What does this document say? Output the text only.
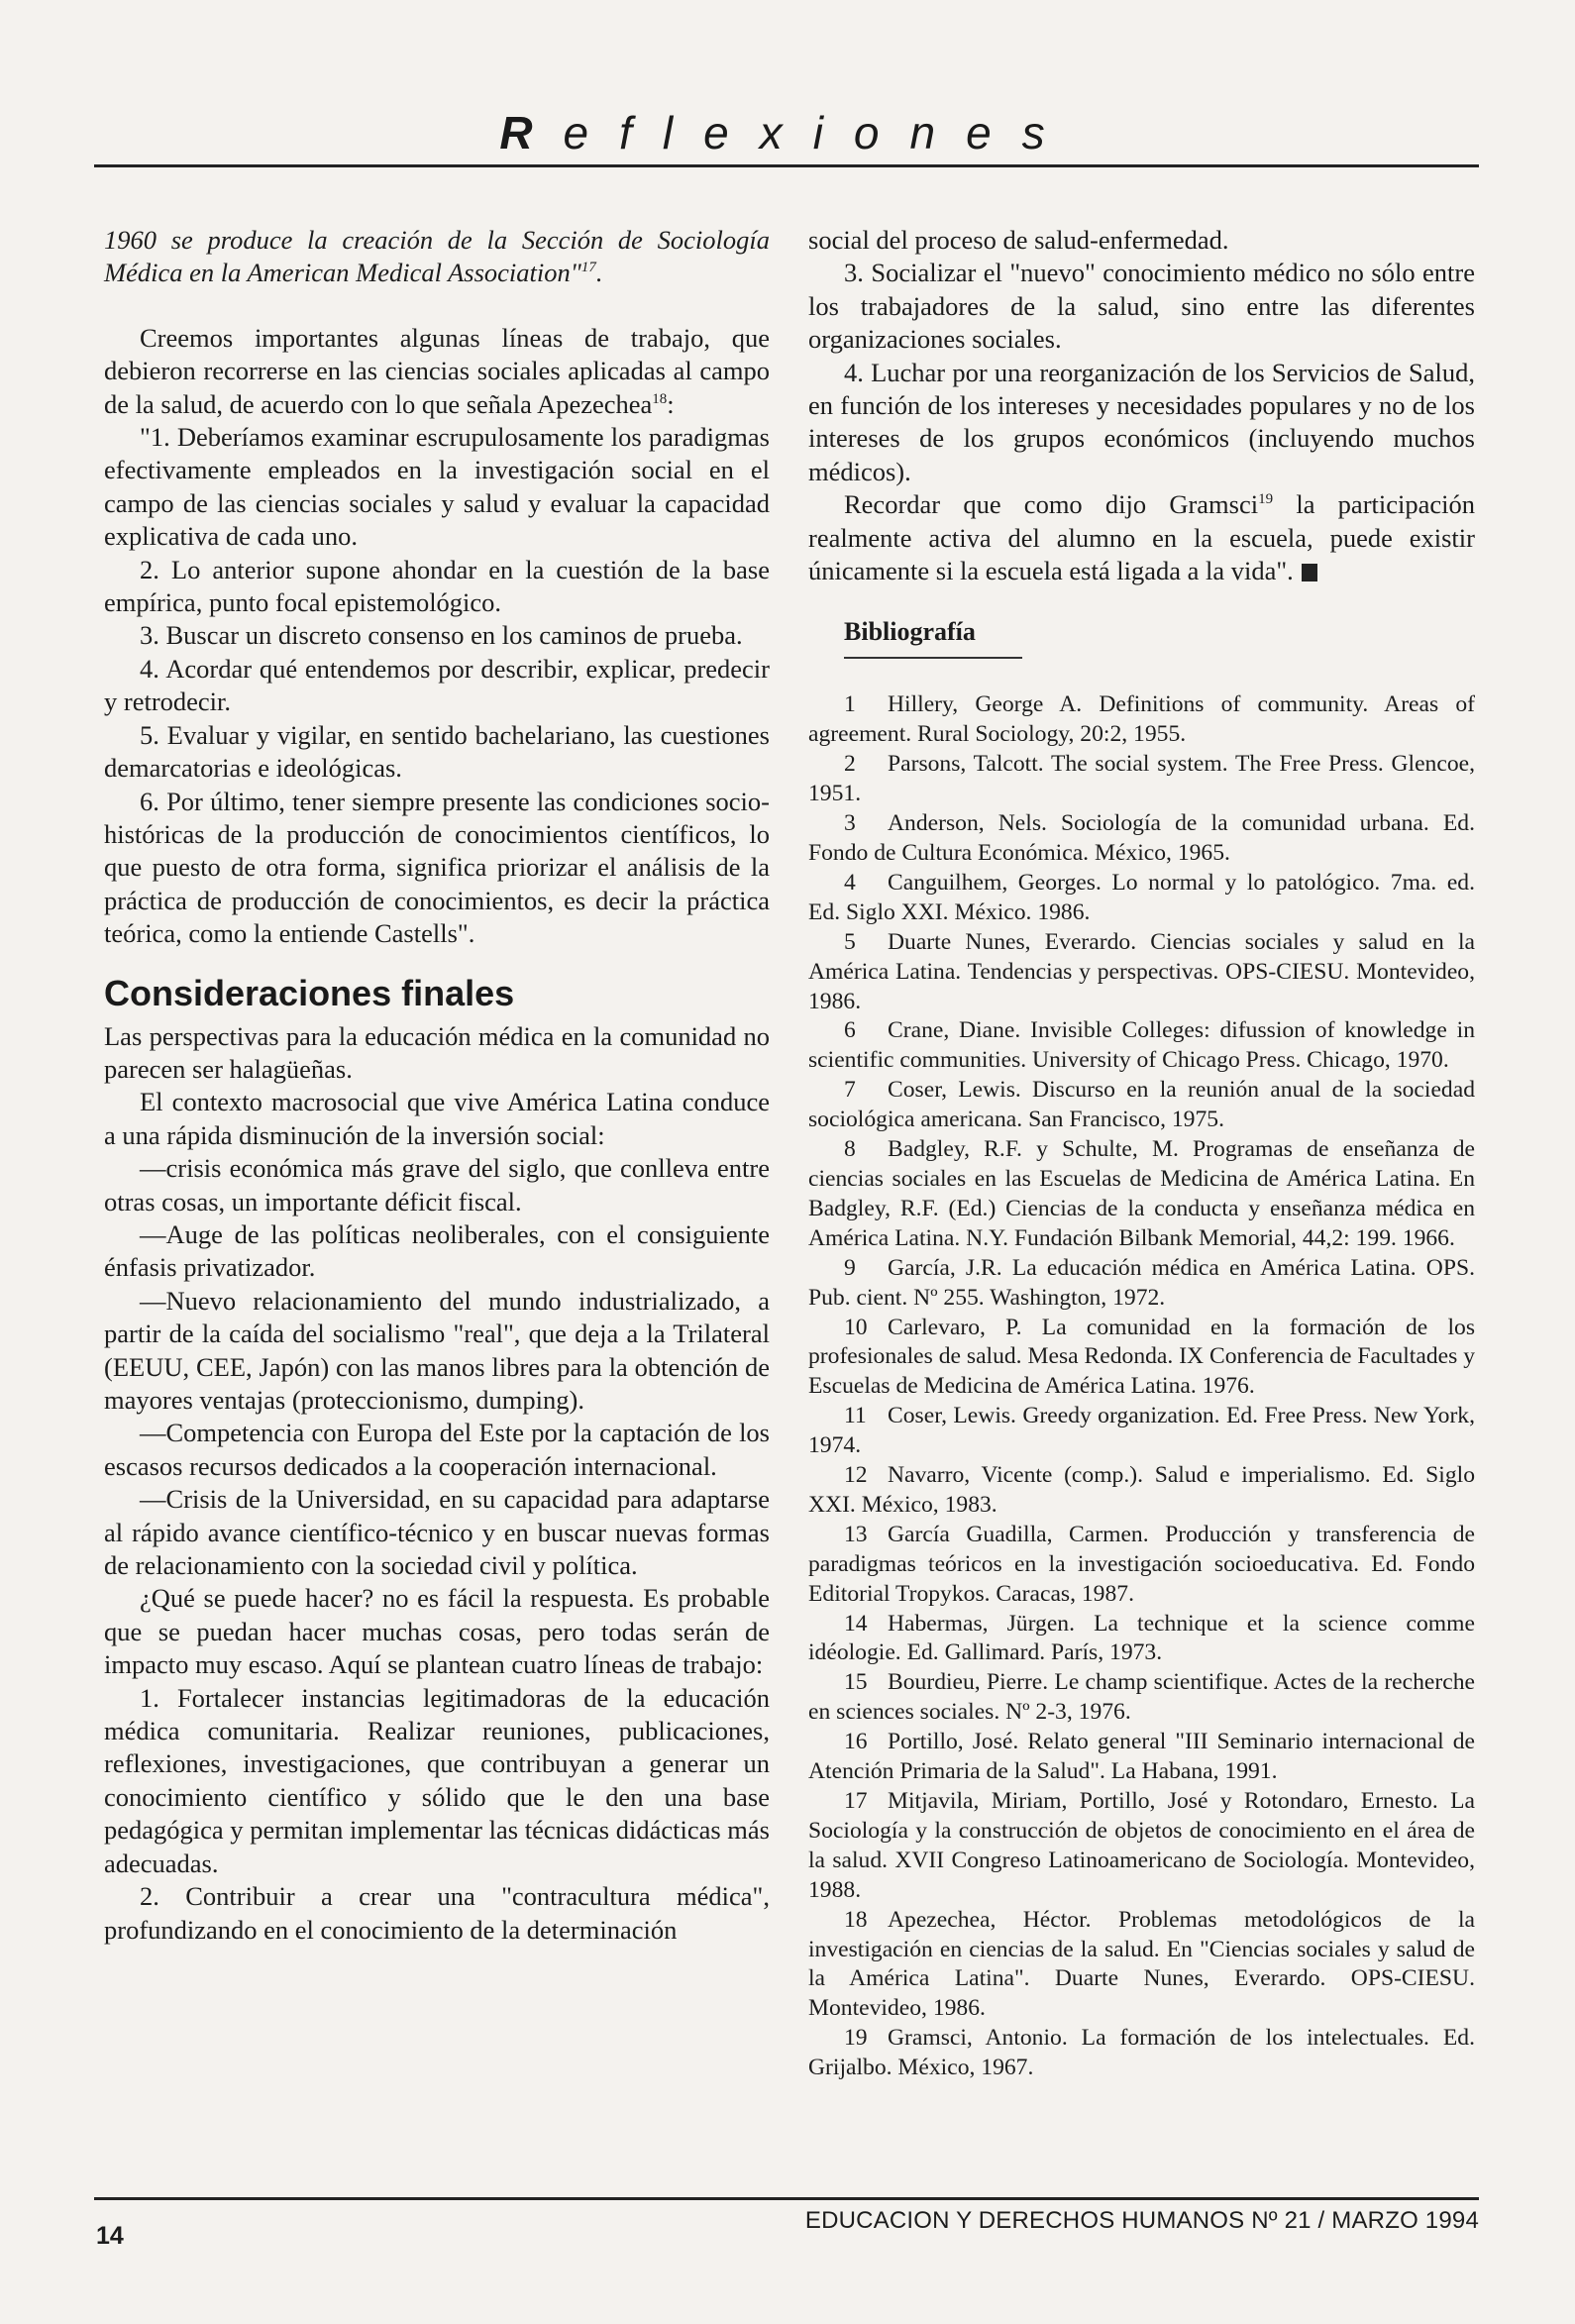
Reflexiones

1960 se produce la creación de la Sección de Sociología Médica en la American Medical Association"$^{17}$.

Creemos importantes algunas líneas de trabajo, que debieron recorrerse en las ciencias sociales aplicadas al campo de la salud, de acuerdo con lo que señala Apezechea$^{18}$:

"1. Deberíamos examinar escrupulosamente los paradigmas efectivamente empleados en la investigación social en el campo de las ciencias sociales y salud y evaluar la capacidad explicativa de cada uno.

2. Lo anterior supone ahondar en la cuestión de la base empírica, punto focal epistemológico.

3. Buscar un discreto consenso en los caminos de prueba.

4. Acordar qué entendemos por describir, explicar, predecir y retrodecir.

5. Evaluar y vigilar, en sentido bachelariano, las cuestiones demarcatorias e ideológicas.

6. Por último, tener siempre presente las condiciones socio-históricas de la producción de conocimientos científicos, lo que puesto de otra forma, significa priorizar el análisis de la práctica de producción de conocimientos, es decir la práctica teórica, como la entiende Castells".

Consideraciones finales

Las perspectivas para la educación médica en la comunidad no parecen ser halagüeñas.

El contexto macrosocial que vive América Latina conduce a una rápida disminución de la inversión social:

—crisis económica más grave del siglo, que conlleva entre otras cosas, un importante déficit fiscal.

—Auge de las políticas neoliberales, con el consiguiente énfasis privatizador.

—Nuevo relacionamiento del mundo industrializado, a partir de la caída del socialismo "real", que deja a la Trilateral (EEUU, CEE, Japón) con las manos libres para la obtención de mayores ventajas (proteccionismo, dumping).

—Competencia con Europa del Este por la captación de los escasos recursos dedicados a la cooperación internacional.

—Crisis de la Universidad, en su capacidad para adaptarse al rápido avance científico-técnico y en buscar nuevas formas de relacionamiento con la sociedad civil y política.

¿Qué se puede hacer? no es fácil la respuesta. Es probable que se puedan hacer muchas cosas, pero todas serán de impacto muy escaso. Aquí se plantean cuatro líneas de trabajo:

1. Fortalecer instancias legitimadoras de la educación médica comunitaria. Realizar reuniones, publicaciones, reflexiones, investigaciones, que contribuyan a generar un conocimiento científico y sólido que le den una base pedagógica y permitan implementar las técnicas didácticas más adecuadas.

2. Contribuir a crear una "contracultura médica", profundizando en el conocimiento de la determinación

social del proceso de salud-enfermedad.

3. Socializar el "nuevo" conocimiento médico no sólo entre los trabajadores de la salud, sino entre las diferentes organizaciones sociales.

4. Luchar por una reorganización de los Servicios de Salud, en función de los intereses y necesidades populares y no de los intereses de los grupos económicos (incluyendo muchos médicos).

Recordar que como dijo Gramsci$^{19}$ la participación realmente activa del alumno en la escuela, puede existir únicamente si la escuela está ligada a la vida".

Bibliografía

1 Hillery, George A. Definitions of community. Areas of agreement. Rural Sociology, 20:2, 1955.

2 Parsons, Talcott. The social system. The Free Press. Glencoe, 1951.

3 Anderson, Nels. Sociología de la comunidad urbana. Ed. Fondo de Cultura Económica. México, 1965.

4 Canguilhem, Georges. Lo normal y lo patológico. 7ma. ed. Ed. Siglo XXI. México. 1986.

5 Duarte Nunes, Everardo. Ciencias sociales y salud en la América Latina. Tendencias y perspectivas. OPS-CIESU. Montevideo, 1986.

6 Crane, Diane. Invisible Colleges: difussion of knowledge in scientific communities. University of Chicago Press. Chicago, 1970.

7 Coser, Lewis. Discurso en la reunión anual de la sociedad sociológica americana. San Francisco, 1975.

8 Badgley, R.F. y Schulte, M. Programas de enseñanza de ciencias sociales en las Escuelas de Medicina de América Latina. En Badgley, R.F. (Ed.) Ciencias de la conducta y enseñanza médica en América Latina. N.Y. Fundación Bilbank Memorial, 44,2: 199. 1966.

9 García, J.R. La educación médica en América Latina. OPS. Pub. cient. Nº 255. Washington, 1972.

10 Carlevaro, P. La comunidad en la formación de los profesionales de salud. Mesa Redonda. IX Conferencia de Facultades y Escuelas de Medicina de América Latina. 1976.

11 Coser, Lewis. Greedy organization. Ed. Free Press. New York, 1974.

12 Navarro, Vicente (comp.). Salud e imperialismo. Ed. Siglo XXI. México, 1983.

13 García Guadilla, Carmen. Producción y transferencia de paradigmas teóricos en la investigación socioeducativa. Ed. Fondo Editorial Tropykos. Caracas, 1987.

14 Habermas, Jürgen. La technique et la science comme idéologie. Ed. Gallimard. París, 1973.

15 Bourdieu, Pierre. Le champ scientifique. Actes de la recherche en sciences sociales. Nº 2-3, 1976.

16 Portillo, José. Relato general "III Seminario internacional de Atención Primaria de la Salud". La Habana, 1991.

17 Mitjavila, Miriam, Portillo, José y Rotondaro, Ernesto. La Sociología y la construcción de objetos de conocimiento en el área de la salud. XVII Congreso Latinoamericano de Sociología. Montevideo, 1988.

18 Apezechea, Héctor. Problemas metodológicos de la investigación en ciencias de la salud. En "Ciencias sociales y salud de la América Latina". Duarte Nunes, Everardo. OPS-CIESU. Montevideo, 1986.

19 Gramsci, Antonio. La formación de los intelectuales. Ed. Grijalbo. México, 1967.

14
EDUCACION Y DERECHOS HUMANOS Nº 21 / MARZO 1994
